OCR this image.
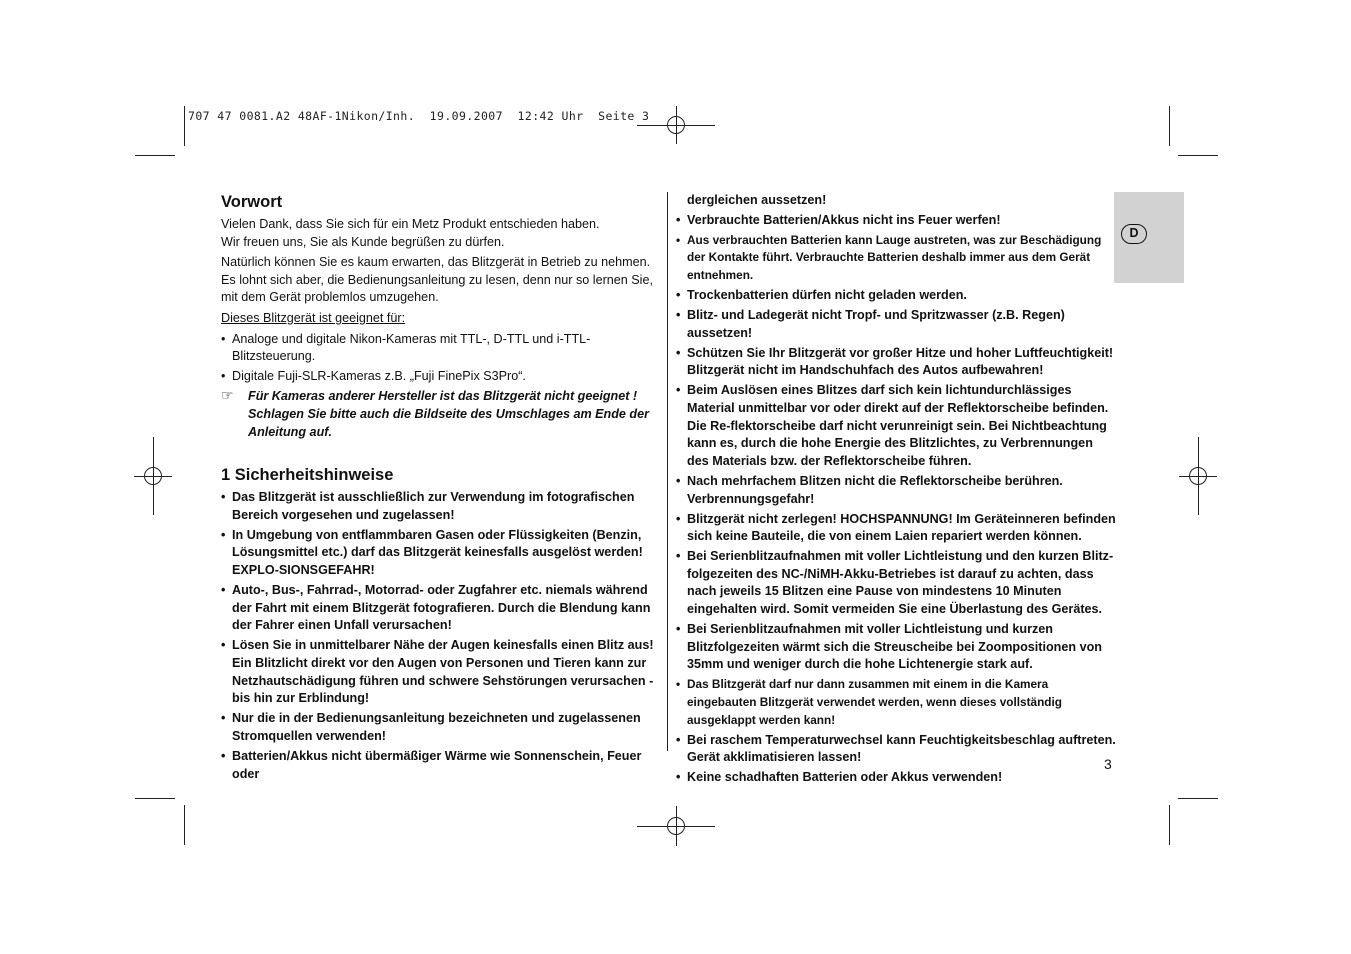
707 47 0081.A2 48AF-1Nikon/Inh.  19.09.2007  12:42 Uhr  Seite 3
Vorwort

Vielen Dank, dass Sie sich für ein Metz Produkt entschieden haben.

Wir freuen uns, Sie als Kunde begrüßen zu dürfen.

Natürlich können Sie es kaum erwarten, das Blitzgerät in Betrieb zu nehmen. Es lohnt sich aber, die Bedienungsanleitung zu lesen, denn nur so lernen Sie, mit dem Gerät problemlos umzugehen.

Dieses Blitzgerät ist geeignet für:

• Analoge und digitale Nikon-Kameras mit TTL-, D-TTL und i-TTL-Blitzsteuerung.
• Digitale Fuji-SLR-Kameras z.B. „Fuji FinePix S3Pro“.
☞ Für Kameras anderer Hersteller ist das Blitzgerät nicht geeignet ! Schlagen Sie bitte auch die Bildseite des Umschlages am Ende der Anleitung auf.
1 Sicherheitshinweise
• Das Blitzgerät ist ausschließlich zur Verwendung im fotografischen Bereich vorgesehen und zugelassen!
• In Umgebung von entflammbaren Gasen oder Flüssigkeiten (Benzin, Lösungsmittel etc.) darf das Blitzgerät keinesfalls ausgelöst werden! EXPLO-SIONSGEFAHR!
• Auto-, Bus-, Fahrrad-, Motorrad- oder Zugfahrer etc. niemals während der Fahrt mit einem Blitzgerät fotografieren. Durch die Blendung kann der Fahrer einen Unfall verursachen!
• Lösen Sie in unmittelbarer Nähe der Augen keinesfalls einen Blitz aus! Ein Blitzlicht direkt vor den Augen von Personen und Tieren kann zur Netzhautschädigung führen und schwere Sehstörungen verursachen - bis hin zur Erblindung!
• Nur die in der Bedienungsanleitung bezeichneten und zugelassenen Stromquellen verwenden!
• Batterien/Akkus nicht übermäßiger Wärme wie Sonnenschein, Feuer oder

dergleichen aussetzen!

• Verbrauchte Batterien/Akkus nicht ins Feuer werfen!
• Aus verbrauchten Batterien kann Lauge austreten, was zur Beschädigung der Kontakte führt. Verbrauchte Batterien deshalb immer aus dem Gerät entnehmen.
• Trockenbatterien dürfen nicht geladen werden.
• Blitz- und Ladegerät nicht Tropf- und Spritzwasser (z.B. Regen) aussetzen!
• Schützen Sie Ihr Blitzgerät vor großer Hitze und hoher Luftfeuchtigkeit! Blitzgerät nicht im Handschuhfach des Autos aufbewahren!
• Beim Auslösen eines Blitzes darf sich kein lichtundurchlässiges Material unmittelbar vor oder direkt auf der Reflektorscheibe befinden. Die Re-flektorscheibe darf nicht verunreinigt sein. Bei Nichtbeachtung kann es, durch die hohe Energie des Blitzlichtes, zu Verbrennungen des Materials bzw. der Reflektorscheibe führen.
• Nach mehrfachem Blitzen nicht die Reflektorscheibe berühren. Verbrennungsgefahr!
• Blitzgerät nicht zerlegen! HOCHSPANNUNG! Im Geräteinneren befinden sich keine Bauteile, die von einem Laien repariert werden können.
• Bei Serienblitzaufnahmen mit voller Lichtleistung und den kurzen Blitz-folgezeiten des NC-/NiMH-Akku-Betriebes ist darauf zu achten, dass nach jeweils 15 Blitzen eine Pause von mindestens 10 Minuten eingehalten wird. Somit vermeiden Sie eine Überlastung des Gerätes.
• Bei Serienblitzaufnahmen mit voller Lichtleistung und kurzen Blitzfolgezeiten wärmt sich die Streuscheibe bei Zoompositionen von 35mm und weniger durch die hohe Lichtenergie stark auf.
• Das Blitzgerät darf nur dann zusammen mit einem in die Kamera eingebauten Blitzgerät verwendet werden, wenn dieses vollständig ausgeklappt werden kann!
• Bei raschem Temperaturwechsel kann Feuchtigkeitsbeschlag auftreten. Gerät akklimatisieren lassen!
• Keine schadhaften Batterien oder Akkus verwenden!
D
3
